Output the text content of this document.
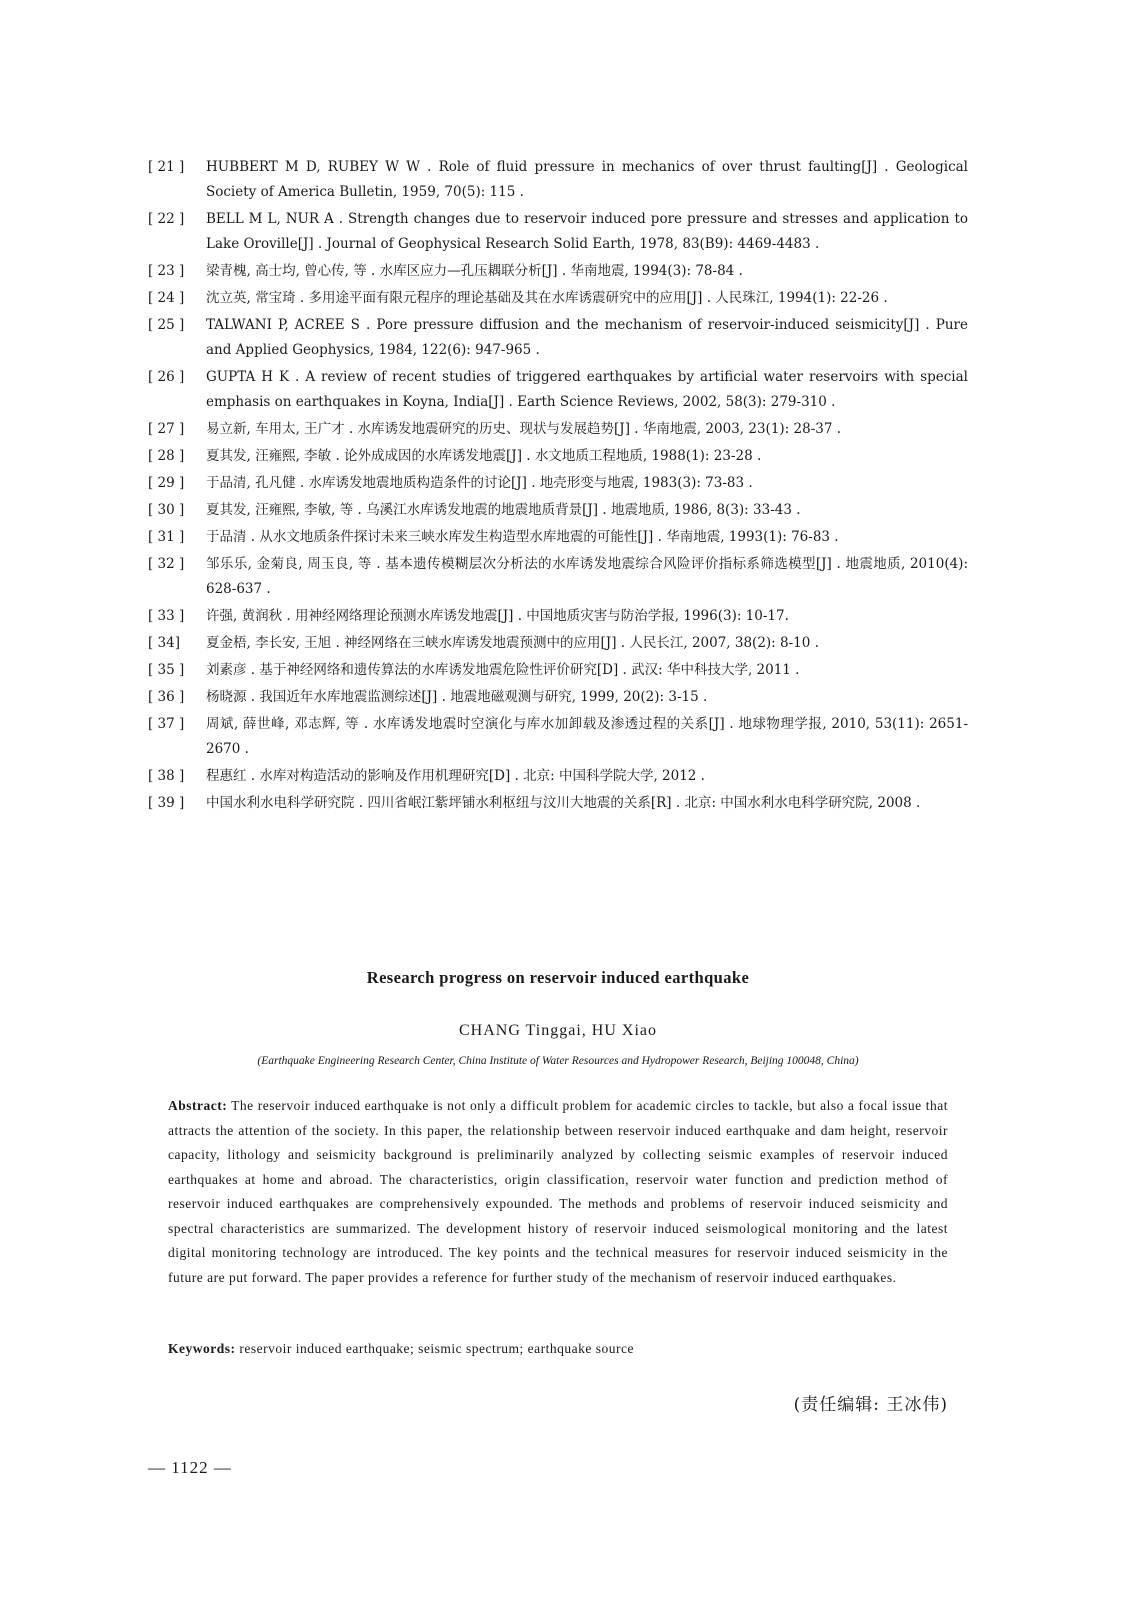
[ 21 ]	HUBBERT M D, RUBEY W W . Role of fluid pressure in mechanics of over thrust faulting[J] . Geological Society of America Bulletin, 1959, 70(5): 115 .
[ 22 ]	BELL M L, NUR A . Strength changes due to reservoir induced pore pressure and stresses and application to Lake Oroville[J] . Journal of Geophysical Research Solid Earth, 1978, 83(B9): 4469-4483 .
[ 23 ]	梁青槐, 高士均, 曾心传, 等 . 水库区应力—孔压耦联分析[J] . 华南地震, 1994(3): 78-84 .
[ 24 ]	沈立英, 常宝琦 . 多用途平面有限元程序的理论基础及其在水库诱震研究中的应用[J] . 人民珠江, 1994(1): 22-26 .
[ 25 ]	TALWANI P, ACREE S . Pore pressure diffusion and the mechanism of reservoir-induced seismicity[J] . Pure and Applied Geophysics, 1984, 122(6): 947-965 .
[ 26 ]	GUPTA H K . A review of recent studies of triggered earthquakes by artificial water reservoirs with special emphasis on earthquakes in Koyna, India[J] . Earth Science Reviews, 2002, 58(3): 279-310 .
[ 27 ]	易立新, 车用太, 王广才 . 水库诱发地震研究的历史、现状与发展趋势[J] . 华南地震, 2003, 23(1): 28-37 .
[ 28 ]	夏其发, 汪雍熙, 李敏 . 论外成成因的水库诱发地震[J] . 水文地质工程地质, 1988(1): 23-28 .
[ 29 ]	于品清, 孔凡健 . 水库诱发地震地质构造条件的讨论[J] . 地壳形变与地震, 1983(3): 73-83 .
[ 30 ]	夏其发, 汪雍熙, 李敏, 等 . 乌溪江水库诱发地震的地震地质背景[J] . 地震地质, 1986, 8(3): 33-43 .
[ 31 ]	于品清 . 从水文地质条件探讨未来三峡水库发生构造型水库地震的可能性[J] . 华南地震, 1993(1): 76-83 .
[ 32 ]	邹乐乐, 金菊良, 周玉良, 等 . 基本遗传模糊层次分析法的水库诱发地震综合风险评价指标系筛选模型[J] . 地震地质, 2010(4): 628-637 .
[ 33 ]	许强, 黄润秋 . 用神经网络理论预测水库诱发地震[J] . 中国地质灾害与防治学报, 1996(3): 10-17.
[ 34]	夏金梧, 李长安, 王旭 . 神经网络在三峡水库诱发地震预测中的应用[J] . 人民长江, 2007, 38(2): 8-10 .
[ 35 ]	刘素彦 . 基于神经网络和遗传算法的水库诱发地震危险性评价研究[D] . 武汉: 华中科技大学, 2011 .
[ 36 ]	杨晓源 . 我国近年水库地震监测综述[J] . 地震地磁观测与研究, 1999, 20(2): 3-15 .
[ 37 ]	周斌, 薛世峰, 邓志辉, 等 . 水库诱发地震时空演化与库水加卸载及渗透过程的关系[J] . 地球物理学报, 2010, 53(11): 2651-2670 .
[ 38 ]	程惠红 . 水库对构造活动的影响及作用机理研究[D] . 北京: 中国科学院大学, 2012 .
[ 39 ]	中国水利水电科学研究院 . 四川省岷江紫坪铺水利枢纽与汶川大地震的关系[R] . 北京: 中国水利水电科学研究院, 2008 .
Research progress on reservoir induced earthquake
CHANG Tinggai, HU Xiao
(Earthquake Engineering Research Center, China Institute of Water Resources and Hydropower Research, Beijing 100048, China)
Abstract: The reservoir induced earthquake is not only a difficult problem for academic circles to tackle, but also a focal issue that attracts the attention of the society. In this paper, the relationship between reservoir induced earthquake and dam height, reservoir capacity, lithology and seismicity background is preliminarily analyzed by collecting seismic examples of reservoir induced earthquakes at home and abroad. The characteristics, origin classification, reservoir water function and prediction method of reservoir induced earthquakes are comprehensively expounded. The methods and problems of reservoir induced seismicity and spectral characteristics are summarized. The development history of reservoir induced seismological monitoring and the latest digital monitoring technology are introduced. The key points and the technical measures for reservoir induced seismicity in the future are put forward. The paper provides a reference for further study of the mechanism of reservoir induced earthquakes.
Keywords: reservoir induced earthquake; seismic spectrum; earthquake source
(责任编辑: 王冰伟)
— 1122 —
